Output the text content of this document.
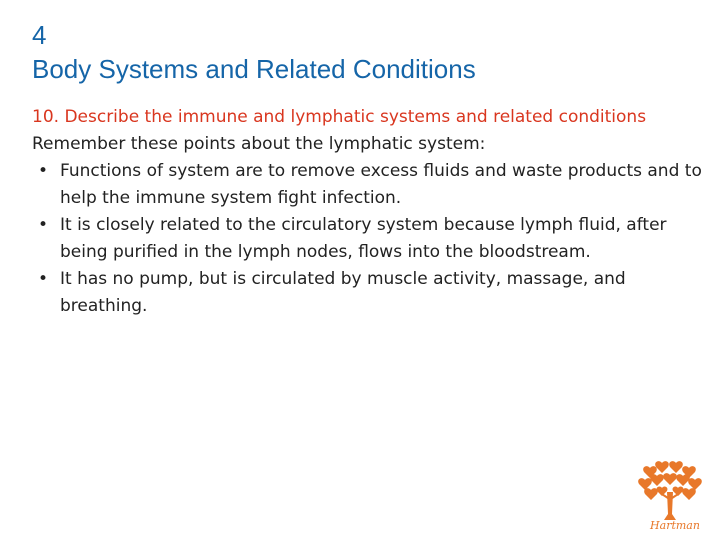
4
Body Systems and Related Conditions
10. Describe the immune and lymphatic systems and related conditions
Remember these points about the lymphatic system:
• Functions of system are to remove excess fluids and waste products and to help the immune system fight infection.
• It is closely related to the circulatory system because lymph fluid, after being purified in the lymph nodes, flows into the bloodstream.
• It has no pump, but is circulated by muscle activity, massage, and breathing.
Hartman
